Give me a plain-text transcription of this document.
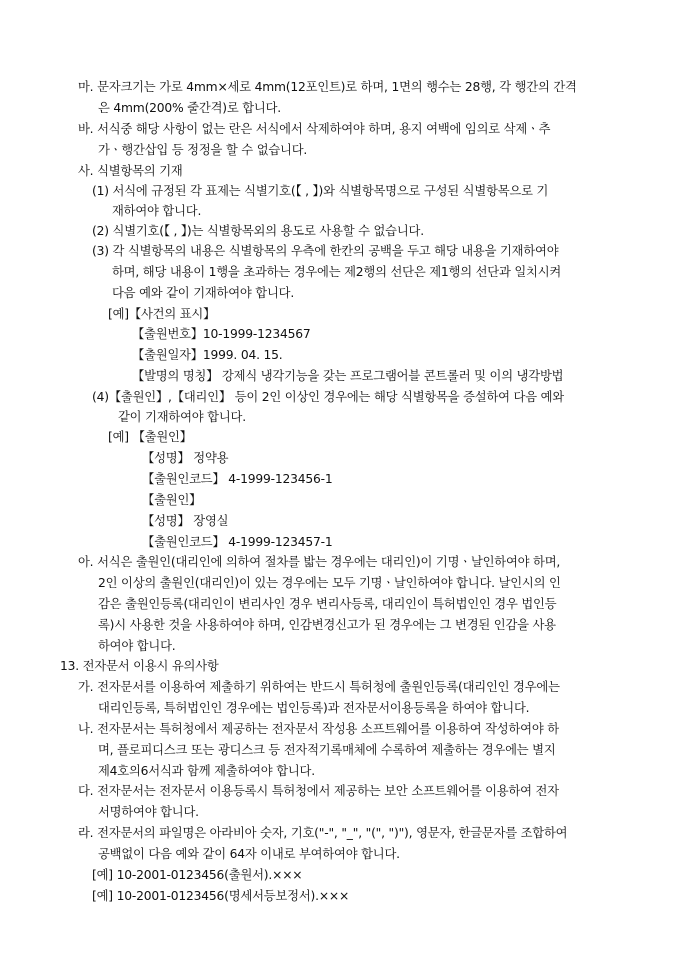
마. 문자크기는 가로 4mm×세로 4mm(12포인트)로 하며, 1면의 행수는 28행, 각 행간의 간격
은 4mm(200% 줄간격)로 합니다.
바. 서식중 해당 사항이 없는 란은 서식에서 삭제하여야 하며, 용지 여백에 임의로 삭제ㆍ추
가ㆍ행간삽입 등 정정을 할 수 없습니다.
사. 식별항목의 기재
(1) 서식에 규정된 각 표제는 식별기호(【 , 】)와 식별항목명으로 구성된 식별항목으로 기
재하여야 합니다.
(2) 식별기호(【 , 】)는 식별항목외의 용도로 사용할 수 없습니다.
(3) 각 식별항목의 내용은 식별항목의 우측에 한칸의 공백을 두고 해당 내용을 기재하여야
하며, 해당 내용이 1행을 초과하는 경우에는 제2행의 선단은 제1행의 선단과 일치시켜
다음 예와 같이 기재하여야 합니다.
[예]【사건의 표시】
【출원번호】10-1999-1234567
【출원일자】1999. 04. 15.
【발명의 명칭】 강제식 냉각기능을 갖는 프로그램어블 콘트롤러 및 이의 냉각방법
(4)【출원인】,【대리인】 등이 2인 이상인 경우에는 해당 식별항목을 증설하여 다음 예와
같이 기재하여야 합니다.
[예] 【출원인】
【성명】 정약용
【출원인코드】 4-1999-123456-1
【출원인】
【성명】 장영실
【출원인코드】 4-1999-123457-1
아. 서식은 출원인(대리인에 의하여 절차를 밟는 경우에는 대리인)이 기명ㆍ날인하여야 하며,
2인 이상의 출원인(대리인)이 있는 경우에는 모두 기명ㆍ날인하여야 합니다. 날인시의 인
감은 출원인등록(대리인이 변리사인 경우 변리사등록, 대리인이 특허법인인 경우 법인등
록)시 사용한 것을 사용하여야 하며, 인감변경신고가 된 경우에는 그 변경된 인감을 사용
하여야 합니다.
13. 전자문서 이용시 유의사항
가. 전자문서를 이용하여 제출하기 위하여는 반드시 특허청에 출원인등록(대리인인 경우에는
대리인등록, 특허법인인 경우에는 법인등록)과 전자문서이용등록을 하여야 합니다.
나. 전자문서는 특허청에서 제공하는 전자문서 작성용 소프트웨어를 이용하여 작성하여야 하
며, 플로피디스크 또는 광디스크 등 전자적기록매체에 수록하여 제출하는 경우에는 별지
제4호의6서식과 함께 제출하여야 합니다.
다. 전자문서는 전자문서 이용등록시 특허청에서 제공하는 보안 소프트웨어를 이용하여 전자
서명하여야 합니다.
라. 전자문서의 파일명은 아라비아 숫자, 기호("-", "_", "(", ")"), 영문자, 한글문자를 조합하여
공백없이 다음 예와 같이 64자 이내로 부여하여야 합니다.
[예] 10-2001-0123456(출원서).×××
[예] 10-2001-0123456(명세서등보정서).×××
